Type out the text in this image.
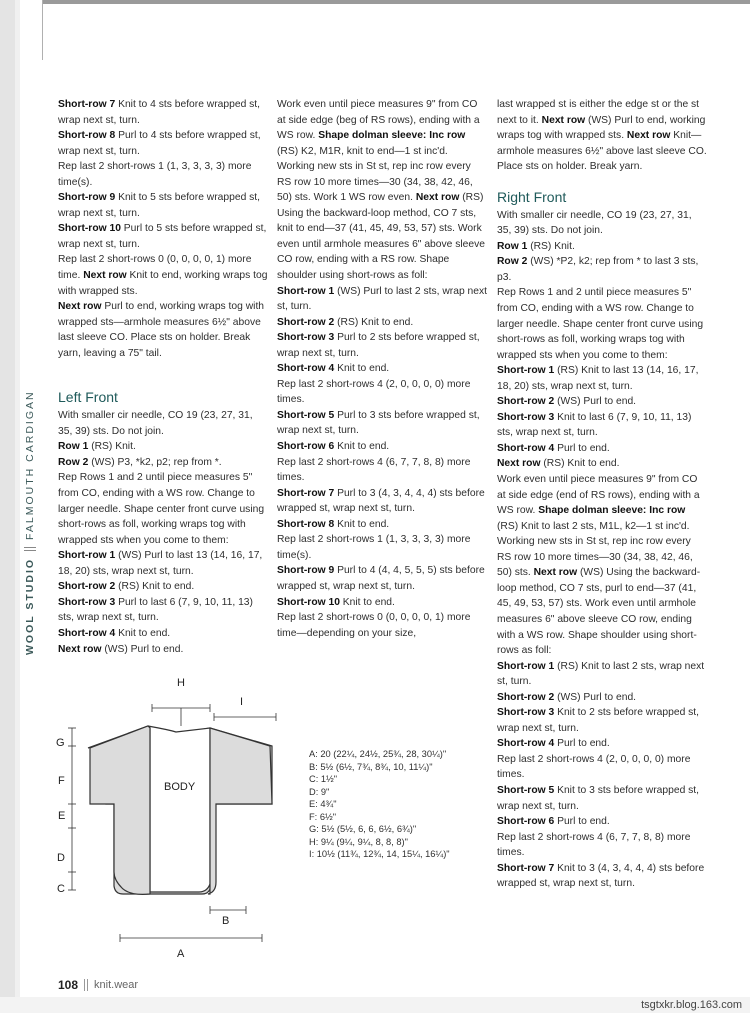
WOOL STUDIO
FALMOUTH CARDIGAN

Short-row 7 Knit to 4 sts before wrapped st, wrap next st, turn.

Short-row 8 Purl to 4 sts before wrapped st, wrap next st, turn.

Rep last 2 short-rows 1 (1, 3, 3, 3, 3) more time(s).

Short-row 9 Knit to 5 sts before wrapped st, wrap next st, turn.

Short-row 10 Purl to 5 sts before wrapped st, wrap next st, turn.

Rep last 2 short-rows 0 (0, 0, 0, 0, 1) more time. Next row Knit to end, working wraps tog with wrapped sts.

Next row Purl to end, working wraps tog with wrapped sts—armhole measures 6½" above last sleeve CO. Place sts on holder. Break yarn, leaving a 75" tail.

Left Front

With smaller cir needle, CO 19 (23, 27, 31, 35, 39) sts. Do not join.

Row 1 (RS) Knit.

Row 2 (WS) P3, *k2, p2; rep from *.

Rep Rows 1 and 2 until piece measures 5" from CO, ending with a WS row. Change to larger needle. Shape center front curve using short-rows as foll, working wraps tog with wrapped sts when you come to them:

Short-row 1 (WS) Purl to last 13 (14, 16, 17, 18, 20) sts, wrap next st, turn.

Short-row 2 (RS) Knit to end.

Short-row 3 Purl to last 6 (7, 9, 10, 11, 13) sts, wrap next st, turn.

Short-row 4 Knit to end.

Next row (WS) Purl to end.

Work even until piece measures 9" from CO at side edge (beg of RS rows), ending with a WS row. Shape dolman sleeve: Inc row (RS) K2, M1R, knit to end—1 st inc'd. Working new sts in St st, rep inc row every RS row 10 more times—30 (34, 38, 42, 46, 50) sts. Work 1 WS row even. Next row (RS) Using the backward-loop method, CO 7 sts, knit to end—37 (41, 45, 49, 53, 57) sts. Work even until armhole measures 6" above sleeve CO row, ending with a RS row. Shape shoulder using short-rows as foll:

Short-row 1 (WS) Purl to last 2 sts, wrap next st, turn.

Short-row 2 (RS) Knit to end.

Short-row 3 Purl to 2 sts before wrapped st, wrap next st, turn.

Short-row 4 Knit to end.

Rep last 2 short-rows 4 (2, 0, 0, 0, 0) more times.

Short-row 5 Purl to 3 sts before wrapped st, wrap next st, turn.

Short-row 6 Knit to end.

Rep last 2 short-rows 4 (6, 7, 7, 8, 8) more times.

Short-row 7 Purl to 3 (4, 3, 4, 4, 4) sts before wrapped st, wrap next st, turn.

Short-row 8 Knit to end.

Rep last 2 short-rows 1 (1, 3, 3, 3, 3) more time(s).

Short-row 9 Purl to 4 (4, 4, 5, 5, 5) sts before wrapped st, wrap next st, turn.

Short-row 10 Knit to end.

Rep last 2 short-rows 0 (0, 0, 0, 0, 1) more time—depending on your size,

last wrapped st is either the edge st or the st next to it. Next row (WS) Purl to end, working wraps tog with wrapped sts. Next row Knit—armhole measures 6½" above last sleeve CO. Place sts on holder. Break yarn.

Right Front

With smaller cir needle, CO 19 (23, 27, 31, 35, 39) sts. Do not join.

Row 1 (RS) Knit.

Row 2 (WS) *P2, k2; rep from * to last 3 sts, p3.

Rep Rows 1 and 2 until piece measures 5" from CO, ending with a WS row. Change to larger needle. Shape center front curve using short-rows as foll, working wraps tog with wrapped sts when you come to them:

Short-row 1 (RS) Knit to last 13 (14, 16, 17, 18, 20) sts, wrap next st, turn.

Short-row 2 (WS) Purl to end.

Short-row 3 Knit to last 6 (7, 9, 10, 11, 13) sts, wrap next st, turn.

Short-row 4 Purl to end.

Next row (RS) Knit to end.

Work even until piece measures 9" from CO at side edge (end of RS rows), ending with a WS row. Shape dolman sleeve: Inc row (RS) Knit to last 2 sts, M1L, k2—1 st inc'd. Working new sts in St st, rep inc row every RS row 10 more times—30 (34, 38, 42, 46, 50) sts. Next row (WS) Using the backward-loop method, CO 7 sts, purl to end—37 (41, 45, 49, 53, 57) sts. Work even until armhole measures 6" above sleeve CO row, ending with a WS row. Shape shoulder using short-rows as foll:

Short-row 1 (RS) Knit to last 2 sts, wrap next st, turn.

Short-row 2 (WS) Purl to end.

Short-row 3 Knit to 2 sts before wrapped st, wrap next st, turn.

Short-row 4 Purl to end.

Rep last 2 short-rows 4 (2, 0, 0, 0, 0) more times.

Short-row 5 Knit to 3 sts before wrapped st, wrap next st, turn.

Short-row 6 Purl to end.

Rep last 2 short-rows 4 (6, 7, 7, 8, 8) more times.

Short-row 7 Knit to 3 (4, 3, 4, 4, 4) sts before wrapped st, wrap next st, turn.

BODY
H
I
G
F
E
D
C
B
A
A: 20 (22¼, 24½, 25¾, 28, 30¼)"
B: 5½ (6½, 7¾, 8¾, 10, 11¼)"
C: 1½"
D: 9"
E: 4¾"
F: 6½"
G: 5½ (5½, 6, 6, 6½, 6¾)"
H: 9¼ (9¼, 9¼, 8, 8, 8)"
I: 10½ (11¾, 12¾, 14, 15¼, 16¼)"
108 knit.wear
tsgtxkr.blog.163.com
